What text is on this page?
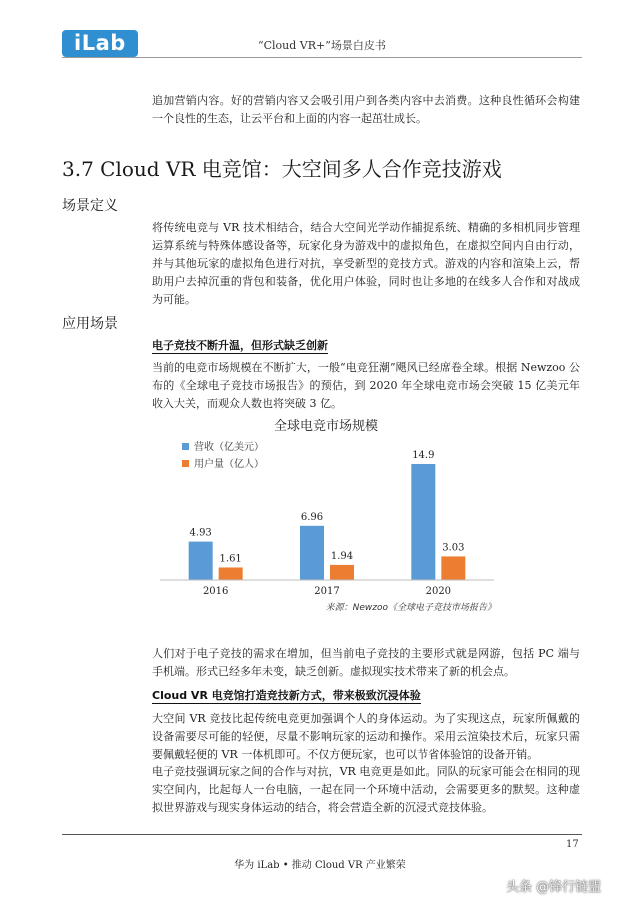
iLab	“Cloud VR+”场景白皮书

追加营销内容。好的营销内容又会吸引用户到各类内容中去消费。这种良性循环会构建一个良性的生态，让云平台和上面的内容一起茁壮成长。

3.7 Cloud VR 电竞馆：大空间多人合作竞技游戏
场景定义

将传统电竞与 VR 技术相结合，结合大空间光学动作捕捉系统、精确的多相机同步管理运算系统与特殊体感设备等，玩家化身为游戏中的虚拟角色，在虚拟空间内自由行动，并与其他玩家的虚拟角色进行对抗，享受新型的竞技方式。游戏的内容和渲染上云，帮助用户去掉沉重的背包和装备，优化用户体验，同时也让多地的在线多人合作和对战成为可能。

应用场景
电子竞技不断升温，但形式缺乏创新

当前的电竞市场规模在不断扩大，一般“电竞狂潮”飓风已经席卷全球。根据 Newzoo 公布的《全球电子竞技市场报告》的预估，到 2020 年全球电竞市场会突破 15 亿美元年收入大关，而观众人数也将突破 3 亿。

全球电竞市场规模
营收（亿美元）
用户量（亿人）
4.93
1.61
6.96
1.94
14.9
3.03
2016	2017	2020
来源：Newzoo《全球电子竞技市场报告》

人们对于电子竞技的需求在增加，但当前电子竞技的主要形式就是网游，包括 PC 端与手机端。形式已经多年未变，缺乏创新。虚拟现实技术带来了新的机会点。

Cloud VR 电竞馆打造竞技新方式，带来极致沉浸体验

大空间 VR 竞技比起传统电竞更加强调个人的身体运动。为了实现这点，玩家所佩戴的设备需要尽可能的轻便，尽量不影响玩家的运动和操作。采用云渲染技术后，玩家只需要佩戴轻便的 VR 一体机即可。不仅方便玩家，也可以节省体验馆的设备开销。

电子竞技强调玩家之间的合作与对抗，VR 电竞更是如此。同队的玩家可能会在相同的现实空间内，比起每人一台电脑，一起在同一个环境中活动，会需要更多的默契。这种虚拟世界游戏与现实身体运动的结合，将会营造全新的沉浸式竞技体验。

17
华为 iLab • 推动 Cloud VR 产业繁荣
头条 @锋行链盟
